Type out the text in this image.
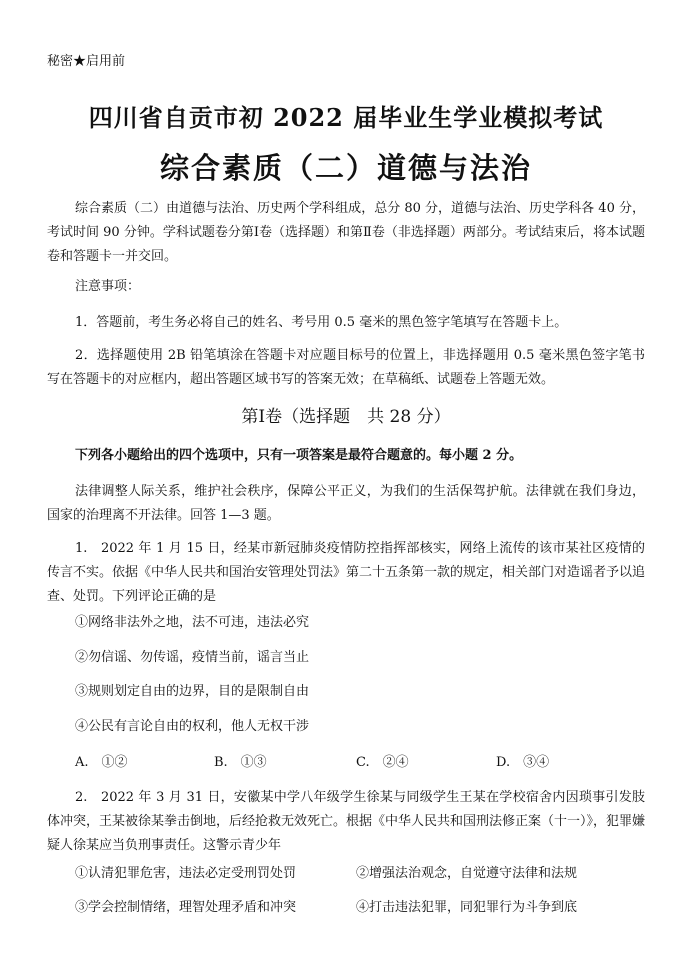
秘密★启用前
四川省自贡市初 2022 届毕业生学业模拟考试
综合素质（二）道德与法治
综合素质（二）由道德与法治、历史两个学科组成，总分 80 分，道德与法治、历史学科各 40 分，考试时间 90 分钟。学科试题卷分第Ⅰ卷（选择题）和第Ⅱ卷（非选择题）两部分。考试结束后，将本试题卷和答题卡一并交回。
注意事项：
1．答题前，考生务必将自己的姓名、考号用 0.5 毫米的黑色签字笔填写在答题卡上。
2．选择题使用 2B 铅笔填涂在答题卡对应题目标号的位置上，非选择题用 0.5 毫米黑色签字笔书写在答题卡的对应框内，超出答题区域书写的答案无效；在草稿纸、试题卷上答题无效。
第Ⅰ卷（选择题　共 28 分）
下列各小题给出的四个选项中，只有一项答案是最符合题意的。每小题 2 分。
法律调整人际关系，维护社会秩序，保障公平正义，为我们的生活保驾护航。法律就在我们身边，国家的治理离不开法律。回答 1—3 题。
1.　2022 年 1 月 15 日，经某市新冠肺炎疫情防控指挥部核实，网络上流传的该市某社区疫情的传言不实。依据《中华人民共和国治安管理处罚法》第二十五条第一款的规定，相关部门对造谣者予以追查、处罚。下列评论正确的是
①网络非法外之地，法不可违，违法必究
②勿信谣、勿传谣，疫情当前，谣言当止
③规则划定自由的边界，目的是限制自由
④公民有言论自由的权利，他人无权干涉
A.　①②	B.　①③	C.　②④	D.　③④
2.　2022 年 3 月 31 日，安徽某中学八年级学生徐某与同级学生王某在学校宿舍内因琐事引发肢体冲突，王某被徐某拳击倒地，后经抢救无效死亡。根据《中华人民共和国刑法修正案（十一）》，犯罪嫌疑人徐某应当负刑事责任。这警示青少年
①认清犯罪危害，违法必定受刑罚处罚	②增强法治观念，自觉遵守法律和法规
③学会控制情绪，理智处理矛盾和冲突	④打击违法犯罪，同犯罪行为斗争到底
